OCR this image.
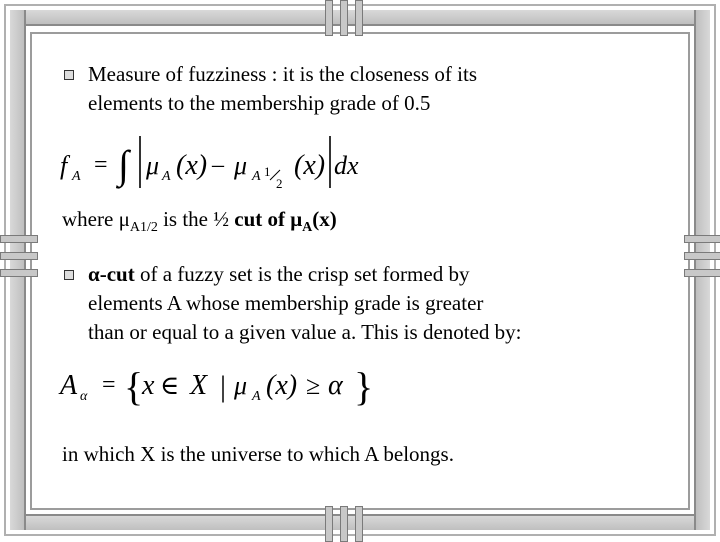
Measure of fuzziness : it is the closeness of its
elements to the membership grade of 0.5
f A = ∫ μ A (x) – μ A 1
2
(x) dx
where $\mu_{A1/2}$ is the ½ cut of $\mu_A(x)$
α-cut of a fuzzy set is the crisp set formed by
elements A whose membership grade is greater
than or equal to a given value a. This is denoted by:
A α = {
x ∈ X | μ A (x) ≥ α }
in which X is the universe to which A belongs.
